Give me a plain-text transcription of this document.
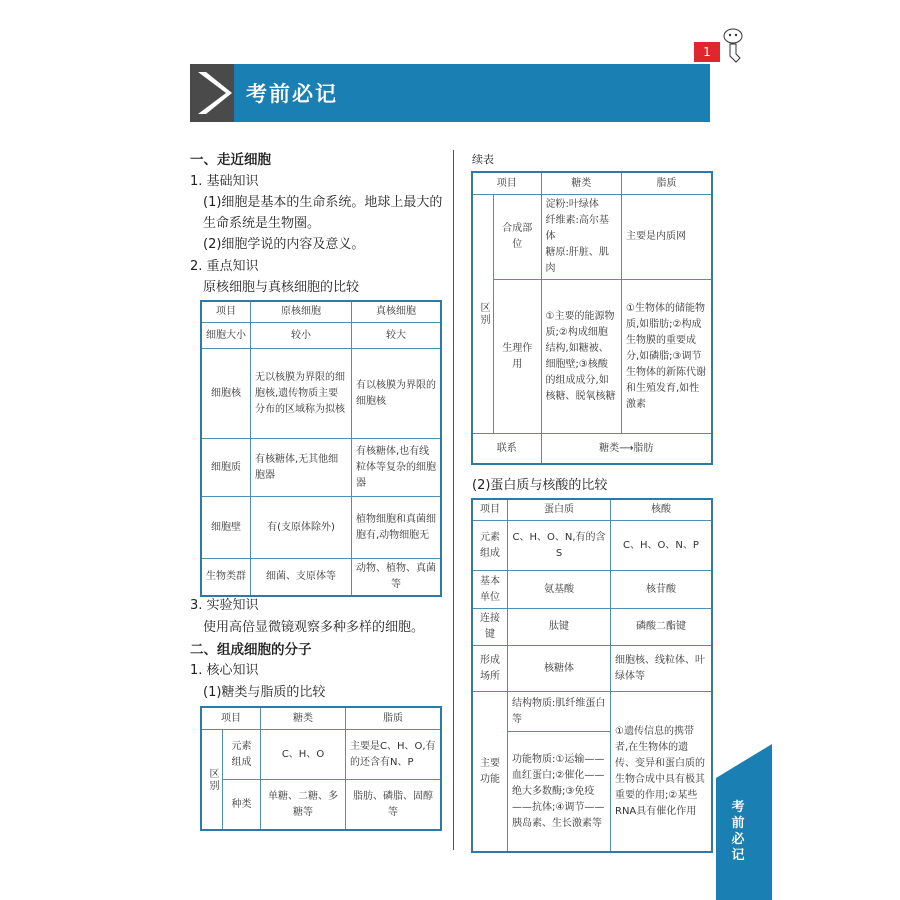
考前必记
1
考前必记
一、走近细胞
1. 基础知识
(1)细胞是基本的生命系统。地球上最大的
生命系统是生物圈。
(2)细胞学说的内容及意义。
2. 重点知识
原核细胞与真核细胞的比较
项目	原核细胞	真核细胞
细胞大小	较小	较大
细胞核	无以核膜为界限的细胞核,遗传物质主要分布的区域称为拟核	有以核膜为界限的细胞核
细胞质	有核糖体,无其他细胞器	有核糖体,也有线粒体等复杂的细胞器
细胞壁	有(支原体除外)	植物细胞和真菌细胞有,动物细胞无
生物类群	细菌、支原体等	动物、植物、真菌等
3. 实验知识
使用高倍显微镜观察多种多样的细胞。
二、组成细胞的分子
1. 核心知识
(1)糖类与脂质的比较
项目		糖类	脂质
区别	元素组成	C、H、O	主要是C、H、O,有的还含有N、P
	种类	单糖、二糖、多糖等	脂肪、磷脂、固醇等
续表
项目		糖类	脂质
区别	合成部位	淀粉:叶绿体
纤维素:高尔基体
糖原:肝脏、肌肉	主要是内质网
	生理作用	①主要的能源物质;②构成细胞结构,如糖被、细胞壁;③核酸的组成成分,如核糖、脱氧核糖	①生物体的储能物质,如脂肪;②构成生物膜的重要成分,如磷脂;③调节生物体的新陈代谢和生殖发育,如性激素
联系		糖类⟶脂肪	
(2)蛋白质与核酸的比较
项目	蛋白质	核酸
元素组成	C、H、O、N,有的含S	C、H、O、N、P
基本单位	氨基酸	核苷酸
连接键	肽键	磷酸二酯键
形成场所	核糖体	细胞核、线粒体、叶绿体等
主要功能	结构物质:肌纤维蛋白等	①遗传信息的携带者,在生物体的遗传、变异和蛋白质的生物合成中具有极其重要的作用;②某些RNA具有催化作用
	功能物质:①运输——血红蛋白;②催化——绝大多数酶;③免疫——抗体;④调节——胰岛素、生长激素等	
